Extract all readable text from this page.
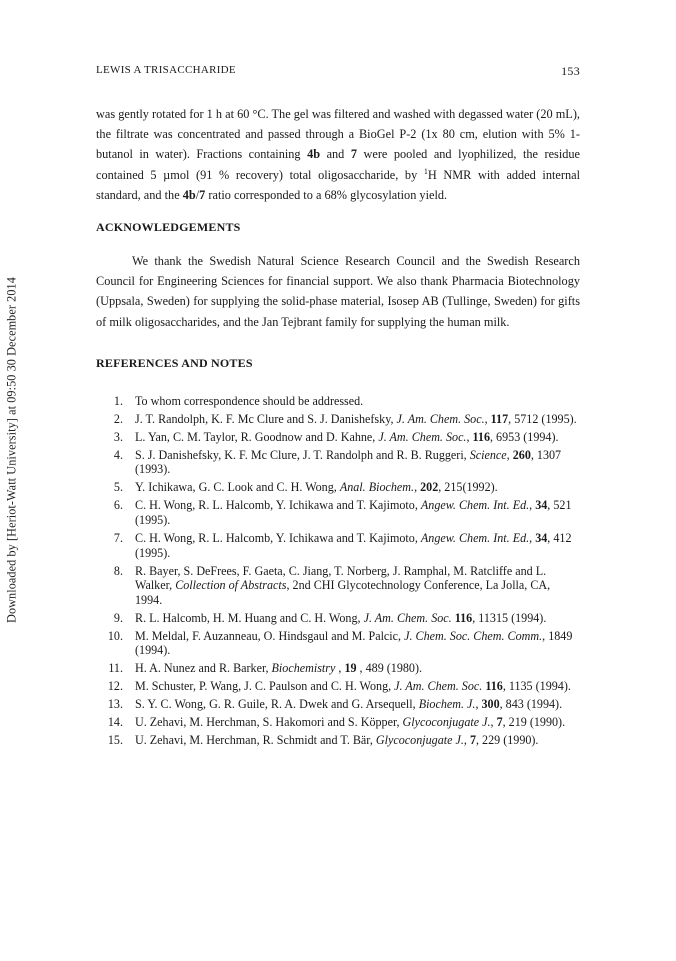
Downloaded by [Heriot-Watt University] at 09:50 30 December 2014
LEWIS A TRISACCHARIDE	153

was gently rotated for 1 h at 60 °C. The gel was filtered and washed with degassed water (20 mL), the filtrate was concentrated and passed through a BioGel P-2 (1x 80 cm, elution with 5% 1-butanol in water). Fractions containing 4b and 7 were pooled and lyophilized, the residue contained 5 µmol (91 % recovery) total oligosaccharide, by $^1$H NMR with added internal standard, and the 4b/7 ratio corresponded to a 68% glycosylation yield.

ACKNOWLEDGEMENTS

We thank the Swedish Natural Science Research Council and the Swedish Research Council for Engineering Sciences for financial support. We also thank Pharmacia Biotechnology (Uppsala, Sweden) for supplying the solid-phase material, Isosep AB (Tullinge, Sweden) for gifts of milk oligosaccharides, and the Jan Tejbrant family for supplying the human milk.

REFERENCES AND NOTES
1. To whom correspondence should be addressed.
2. J. T. Randolph, K. F. Mc Clure and S. J. Danishefsky, J. Am. Chem. Soc., 117, 5712 (1995).
3. L. Yan, C. M. Taylor, R. Goodnow and D. Kahne, J. Am. Chem. Soc., 116, 6953 (1994).
4. S. J. Danishefsky, K. F. Mc Clure, J. T. Randolph and R. B. Ruggeri, Science, 260, 1307 (1993).
5. Y. Ichikawa, G. C. Look and C. H. Wong, Anal. Biochem., 202, 215(1992).
6. C. H. Wong, R. L. Halcomb, Y. Ichikawa and T. Kajimoto, Angew. Chem. Int. Ed., 34, 521 (1995).
7. C. H. Wong, R. L. Halcomb, Y. Ichikawa and T. Kajimoto, Angew. Chem. Int. Ed., 34, 412 (1995).
8. R. Bayer, S. DeFrees, F. Gaeta, C. Jiang, T. Norberg, J. Ramphal, M. Ratcliffe and L. Walker, Collection of Abstracts, 2nd CHI Glycotechnology Conference, La Jolla, CA, 1994.
9. R. L. Halcomb, H. M. Huang and C. H. Wong, J. Am. Chem. Soc. 116, 11315 (1994).
10. M. Meldal, F. Auzanneau, O. Hindsgaul and M. Palcic, J. Chem. Soc. Chem. Comm., 1849 (1994).
11. H. A. Nunez and R. Barker, Biochemistry , 19 , 489 (1980).
12. M. Schuster, P. Wang, J. C. Paulson and C. H. Wong, J. Am. Chem. Soc. 116, 1135 (1994).
13. S. Y. C. Wong, G. R. Guile, R. A. Dwek and G. Arsequell, Biochem. J., 300, 843 (1994).
14. U. Zehavi, M. Herchman, S. Hakomori and S. Köpper, Glycoconjugate J., 7, 219 (1990).
15. U. Zehavi, M. Herchman, R. Schmidt and T. Bär, Glycoconjugate J., 7, 229 (1990).
